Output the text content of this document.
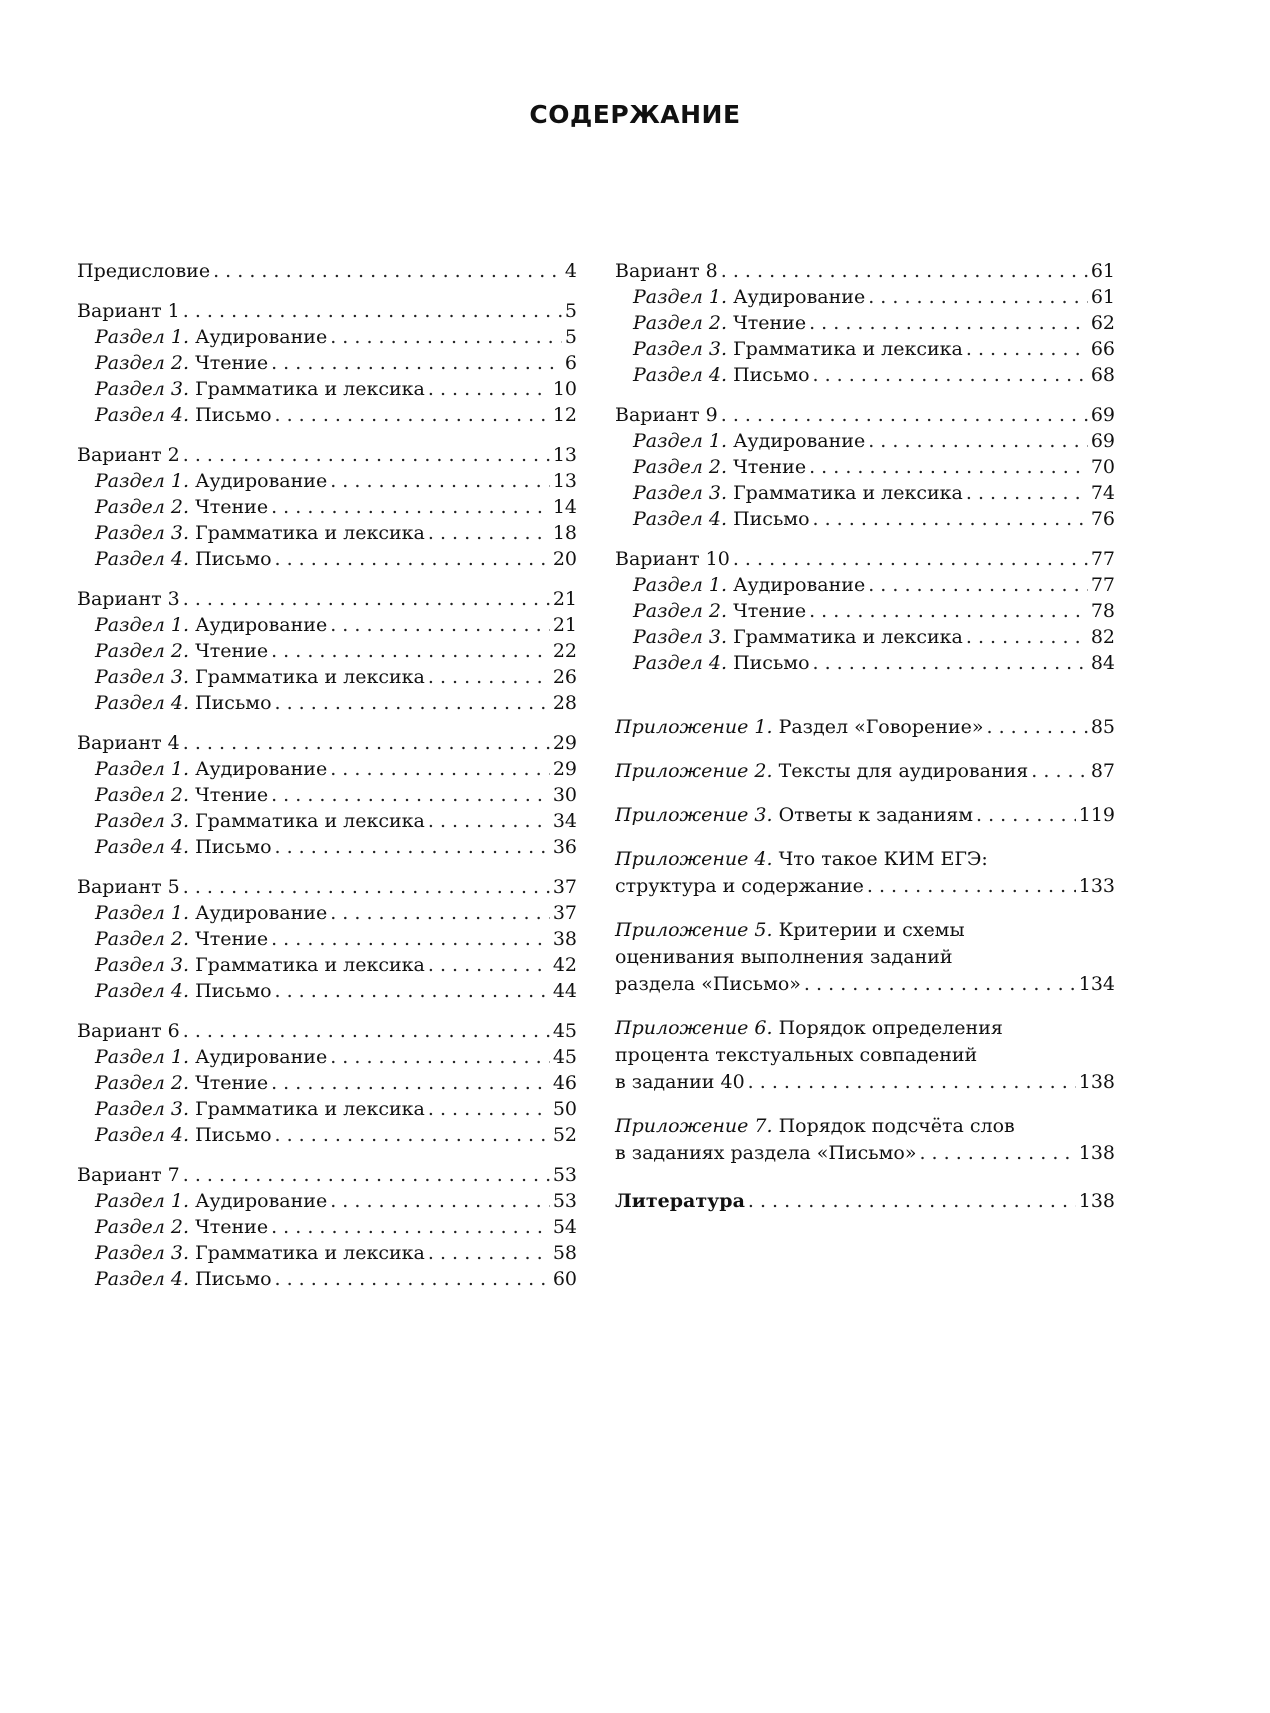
СОДЕРЖАНИЕ
Предисловие . . .	4
Вариант 1 . . .	5
Раздел 1. Аудирование . . .	5
Раздел 2. Чтение . . .	6
Раздел 3. Грамматика и лексика . . .	10
Раздел 4. Письмо . . .	12
Вариант 2 . . .	13
Раздел 1. Аудирование . . .	13
Раздел 2. Чтение . . .	14
Раздел 3. Грамматика и лексика . . .	18
Раздел 4. Письмо . . .	20
Вариант 3 . . .	21
Раздел 1. Аудирование . . .	21
Раздел 2. Чтение . . .	22
Раздел 3. Грамматика и лексика . . .	26
Раздел 4. Письмо . . .	28
Вариант 4 . . .	29
Раздел 1. Аудирование . . .	29
Раздел 2. Чтение . . .	30
Раздел 3. Грамматика и лексика . . .	34
Раздел 4. Письмо . . .	36
Вариант 5 . . .	37
Раздел 1. Аудирование . . .	37
Раздел 2. Чтение . . .	38
Раздел 3. Грамматика и лексика . . .	42
Раздел 4. Письмо . . .	44
Вариант 6 . . .	45
Раздел 1. Аудирование . . .	45
Раздел 2. Чтение . . .	46
Раздел 3. Грамматика и лексика . . .	50
Раздел 4. Письмо . . .	52
Вариант 7 . . .	53
Раздел 1. Аудирование . . .	53
Раздел 2. Чтение . . .	54
Раздел 3. Грамматика и лексика . . .	58
Раздел 4. Письмо . . .	60
Вариант 8 . . .	61
Раздел 1. Аудирование . . .	61
Раздел 2. Чтение . . .	62
Раздел 3. Грамматика и лексика . . .	66
Раздел 4. Письмо . . .	68
Вариант 9 . . .	69
Раздел 1. Аудирование . . .	69
Раздел 2. Чтение . . .	70
Раздел 3. Грамматика и лексика . . .	74
Раздел 4. Письмо . . .	76
Вариант 10 . . .	77
Раздел 1. Аудирование . . .	77
Раздел 2. Чтение . . .	78
Раздел 3. Грамматика и лексика . . .	82
Раздел 4. Письмо . . .	84
Приложение 1. Раздел «Говорение» . . .	85
Приложение 2. Тексты для аудирования . . .	87
Приложение 3. Ответы к заданиям . . .	119
Приложение 4. Что такое КИМ ЕГЭ:
структура и содержание . . .	133
Приложение 5. Критерии и схемы
оценивания выполнения заданий
раздела «Письмо» . . .	134
Приложение 6. Порядок определения
процента текстуальных совпадений
в задании 40 . . .	138
Приложение 7. Порядок подсчёта слов
в заданиях раздела «Письмо» . . .	138
Литература . . .	138
